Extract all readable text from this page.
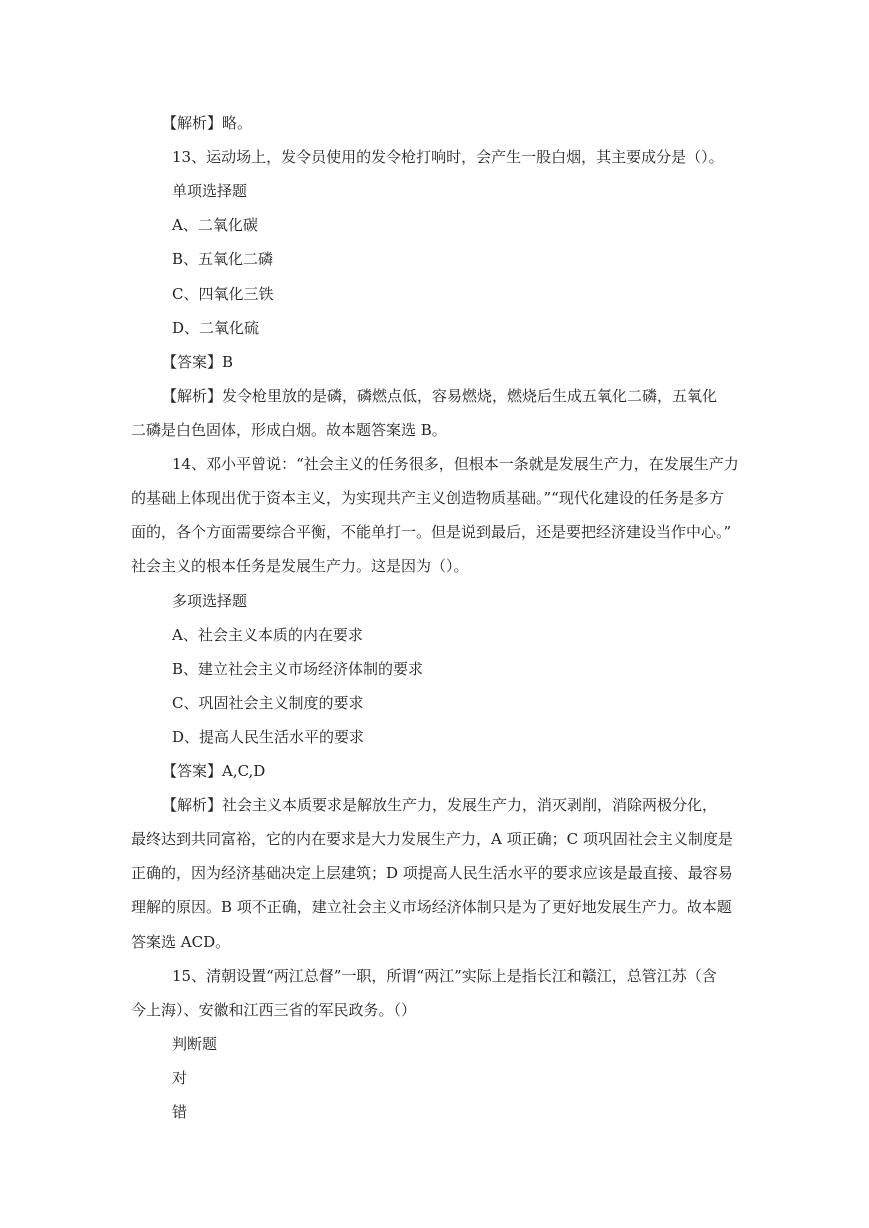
【解析】略。
13、运动场上，发令员使用的发令枪打响时，会产生一股白烟，其主要成分是（）。
单项选择题
A、二氧化碳
B、五氧化二磷
C、四氧化三铁
D、二氧化硫
【答案】B
【解析】发令枪里放的是磷，磷燃点低，容易燃烧，燃烧后生成五氧化二磷，五氧化
二磷是白色固体，形成白烟。故本题答案选 B。
14、邓小平曾说：“社会主义的任务很多，但根本一条就是发展生产力，在发展生产力
的基础上体现出优于资本主义，为实现共产主义创造物质基础。”“现代化建设的任务是多方
面的，各个方面需要综合平衡，不能单打一。但是说到最后，还是要把经济建设当作中心。”
社会主义的根本任务是发展生产力。这是因为（）。
多项选择题
A、社会主义本质的内在要求
B、建立社会主义市场经济体制的要求
C、巩固社会主义制度的要求
D、提高人民生活水平的要求
【答案】A,C,D
【解析】社会主义本质要求是解放生产力，发展生产力，消灭剥削，消除两极分化，
最终达到共同富裕，它的内在要求是大力发展生产力，A 项正确；C 项巩固社会主义制度是
正确的，因为经济基础决定上层建筑；D 项提高人民生活水平的要求应该是最直接、最容易
理解的原因。B 项不正确，建立社会主义市场经济体制只是为了更好地发展生产力。故本题
答案选 ACD。
15、清朝设置“两江总督”一职，所谓“两江”实际上是指长江和赣江，总管江苏（含
今上海）、安徽和江西三省的军民政务。（）
判断题
对
错
